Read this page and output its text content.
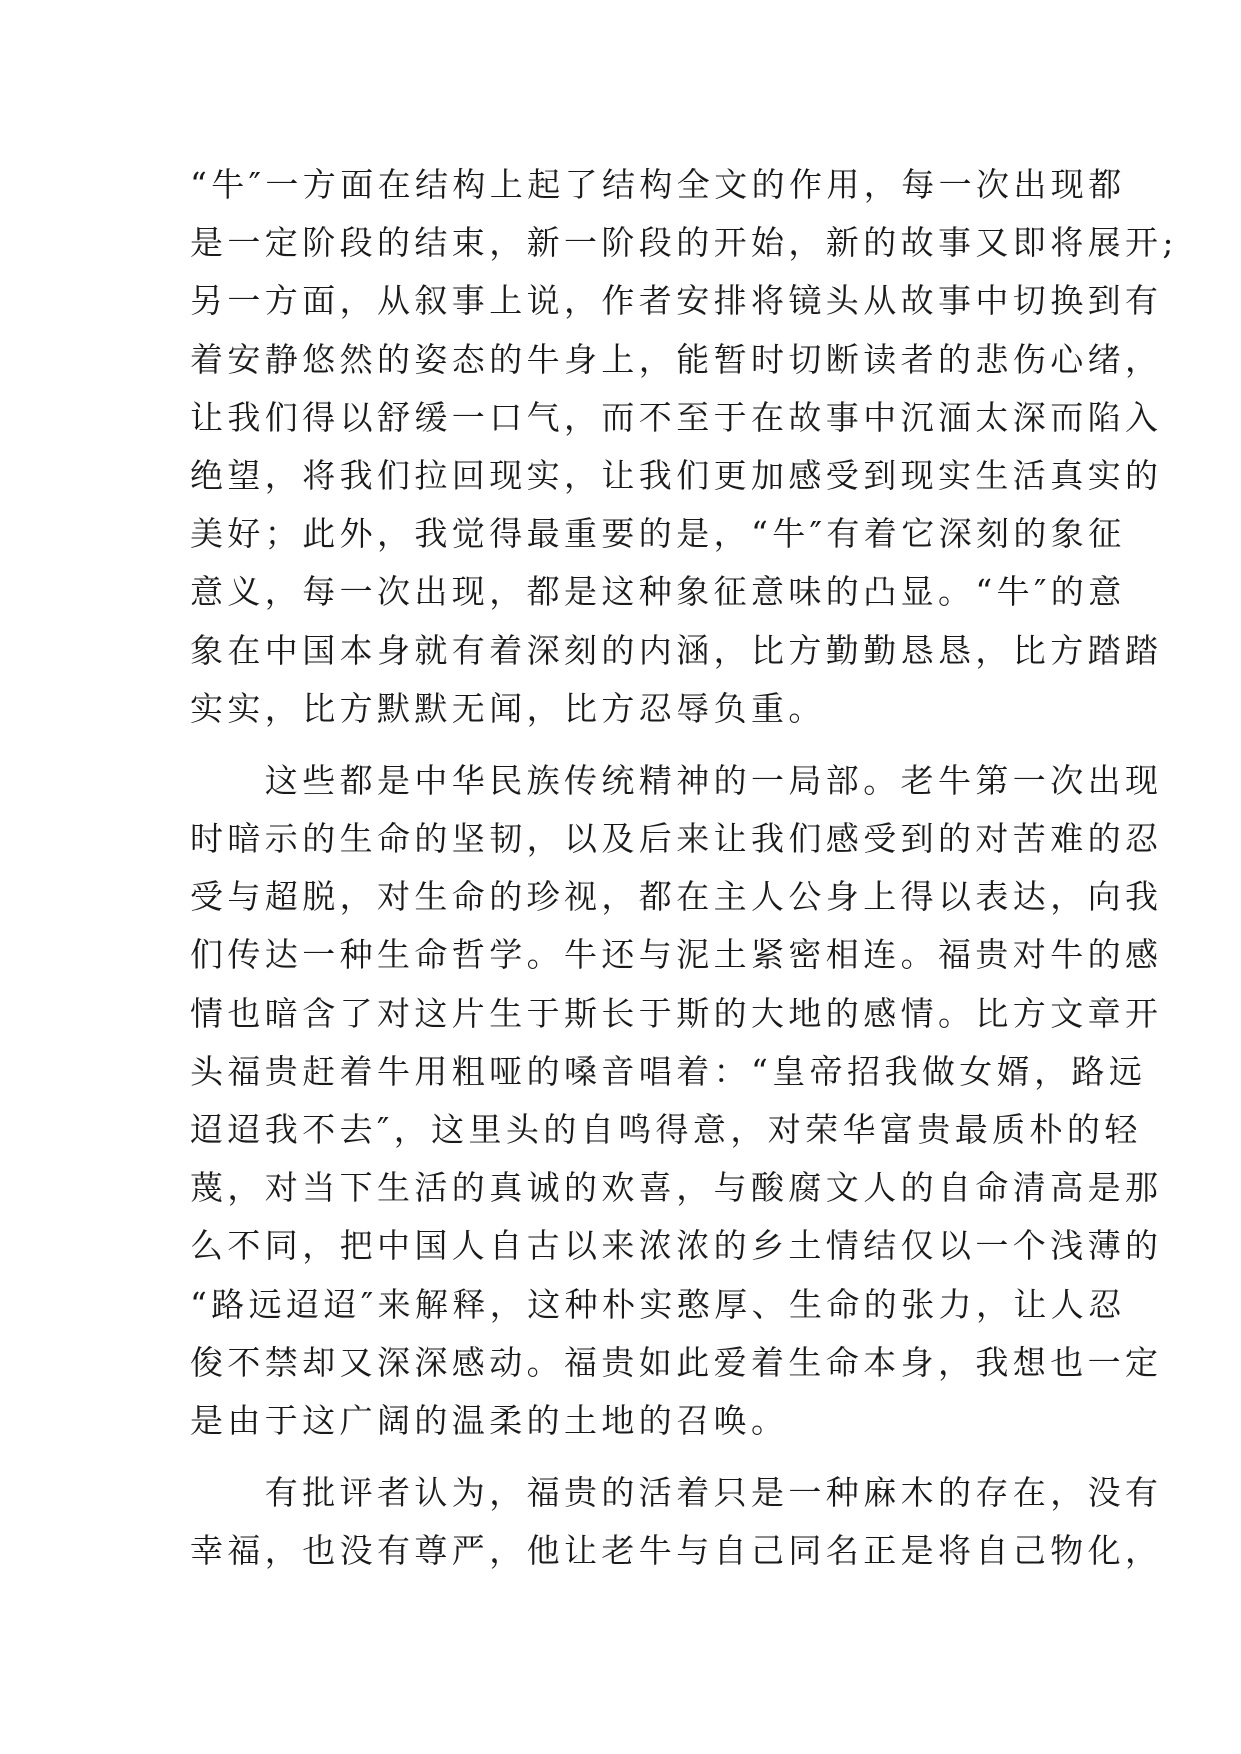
“牛″一方面在结构上起了结构全文的作用，每一次出现都
是一定阶段的结束，新一阶段的开始，新的故事又即将展开;
另一方面，从叙事上说，作者安排将镜头从故事中切换到有
着安静悠然的姿态的牛身上，能暂时切断读者的悲伤心绪，
让我们得以舒缓一口气，而不至于在故事中沉湎太深而陷入
绝望，将我们拉回现实，让我们更加感受到现实生活真实的
美好；此外，我觉得最重要的是，“牛″有着它深刻的象征
意义，每一次出现，都是这种象征意味的凸显。“牛″的意
象在中国本身就有着深刻的内涵，比方勤勤恳恳，比方踏踏
实实，比方默默无闻，比方忍辱负重。
　　这些都是中华民族传统精神的一局部。老牛第一次出现
时暗示的生命的坚韧，以及后来让我们感受到的对苦难的忍
受与超脱，对生命的珍视，都在主人公身上得以表达，向我
们传达一种生命哲学。牛还与泥土紧密相连。福贵对牛的感
情也暗含了对这片生于斯长于斯的大地的感情。比方文章开
头福贵赶着牛用粗哑的嗓音唱着：“皇帝招我做女婿，路远
迢迢我不去″，这里头的自鸣得意，对荣华富贵最质朴的轻
蔑，对当下生活的真诚的欢喜，与酸腐文人的自命清高是那
么不同，把中国人自古以来浓浓的乡土情结仅以一个浅薄的
“路远迢迢″来解释，这种朴实憨厚、生命的张力，让人忍
俊不禁却又深深感动。福贵如此爱着生命本身，我想也一定
是由于这广阔的温柔的土地的召唤。
　　有批评者认为，福贵的活着只是一种麻木的存在，没有
幸福，也没有尊严，他让老牛与自己同名正是将自己物化，
